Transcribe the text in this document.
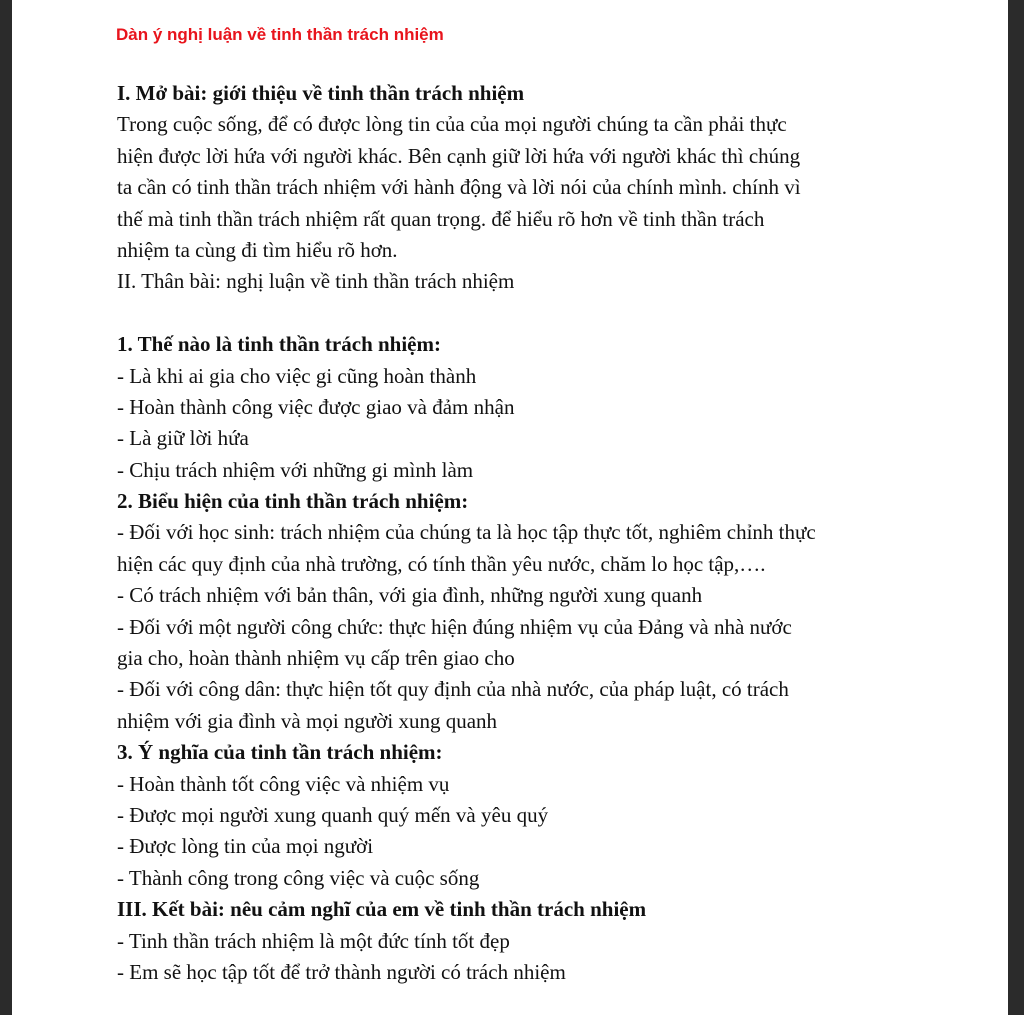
Dàn ý nghị luận về tinh thần trách nhiệm
I. Mở bài: giới thiệu về tinh thần trách nhiệm
Trong cuộc sống, để có được lòng tin của của mọi người chúng ta cần phải thực
hiện được lời hứa với người khác. Bên cạnh giữ lời hứa với người khác thì chúng
ta cần có tinh thần trách nhiệm với hành động và lời nói của chính mình. chính vì
thế mà tinh thần trách nhiệm rất quan trọng. để hiểu rõ hơn về tinh thần trách
nhiệm ta cùng đi tìm hiểu rõ hơn.
II. Thân bài: nghị luận về tinh thần trách nhiệm
1. Thế nào là tinh thần trách nhiệm:
- Là khi ai gia cho việc gi cũng hoàn thành
- Hoàn thành công việc được giao và đảm nhận
- Là giữ lời hứa
- Chịu trách nhiệm với những gi mình làm
2. Biểu hiện của tinh thần trách nhiệm:
- Đối với học sinh: trách nhiệm của chúng ta là học tập thực tốt, nghiêm chỉnh thực
hiện các quy định của nhà trường, có tính thần yêu nước, chăm lo học tập,….
- Có trách nhiệm với bản thân, với gia đình, những người xung quanh
- Đối với một người công chức: thực hiện đúng nhiệm vụ của Đảng và nhà nước
gia cho, hoàn thành nhiệm vụ cấp trên giao cho
- Đối với công dân: thực hiện tốt quy định của nhà nước, của pháp luật, có trách
nhiệm với gia đình và mọi người xung quanh
3. Ý nghĩa của tinh tần trách nhiệm:
- Hoàn thành tốt công việc và nhiệm vụ
- Được mọi người xung quanh quý mến và yêu quý
- Được lòng tin của mọi người
- Thành công trong công việc và cuộc sống
III. Kết bài: nêu cảm nghĩ của em về tinh thần trách nhiệm
- Tinh thần trách nhiệm là một đức tính tốt đẹp
- Em sẽ học tập tốt để trở thành người có trách nhiệm
